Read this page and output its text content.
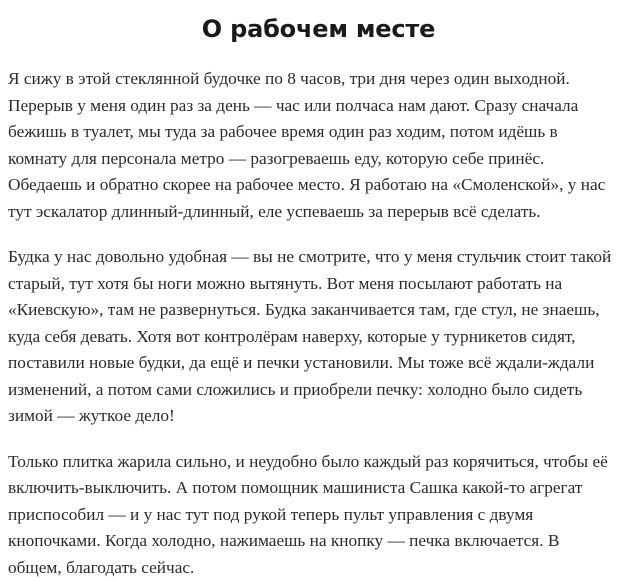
О рабочем месте

Я сижу в этой стеклянной будочке по 8 часов, три дня через один выходной.
Перерыв у меня один раз за день — час или полчаса нам дают. Сразу сначала
бежишь в туалет, мы туда за рабочее время один раз ходим, потом идёшь в
комнату для персонала метро — разогреваешь еду, которую себе принёс.
Обедаешь и обратно скорее на рабочее место. Я работаю на «Смоленской», у нас
тут эскалатор длинный-длинный, еле успеваешь за перерыв всё сделать.

Будка у нас довольно удобная — вы не смотрите, что у меня стульчик стоит такой
старый, тут хотя бы ноги можно вытянуть. Вот меня посылают работать на
«Киевскую», там не развернуться. Будка заканчивается там, где стул, не знаешь,
куда себя девать. Хотя вот контролёрам наверху, которые у турникетов сидят,
поставили новые будки, да ещё и печки установили. Мы тоже всё ждали-ждали
изменений, а потом сами сложились и приобрели печку: холодно было сидеть
зимой — жуткое дело!

Только плитка жарила сильно, и неудобно было каждый раз корячиться, чтобы её
включить-выключить. А потом помощник машиниста Сашка какой-то агрегат
приспособил — и у нас тут под рукой теперь пульт управления с двумя
кнопочками. Когда холодно, нажимаешь на кнопку — печка включается. В
общем, благодать сейчас.
